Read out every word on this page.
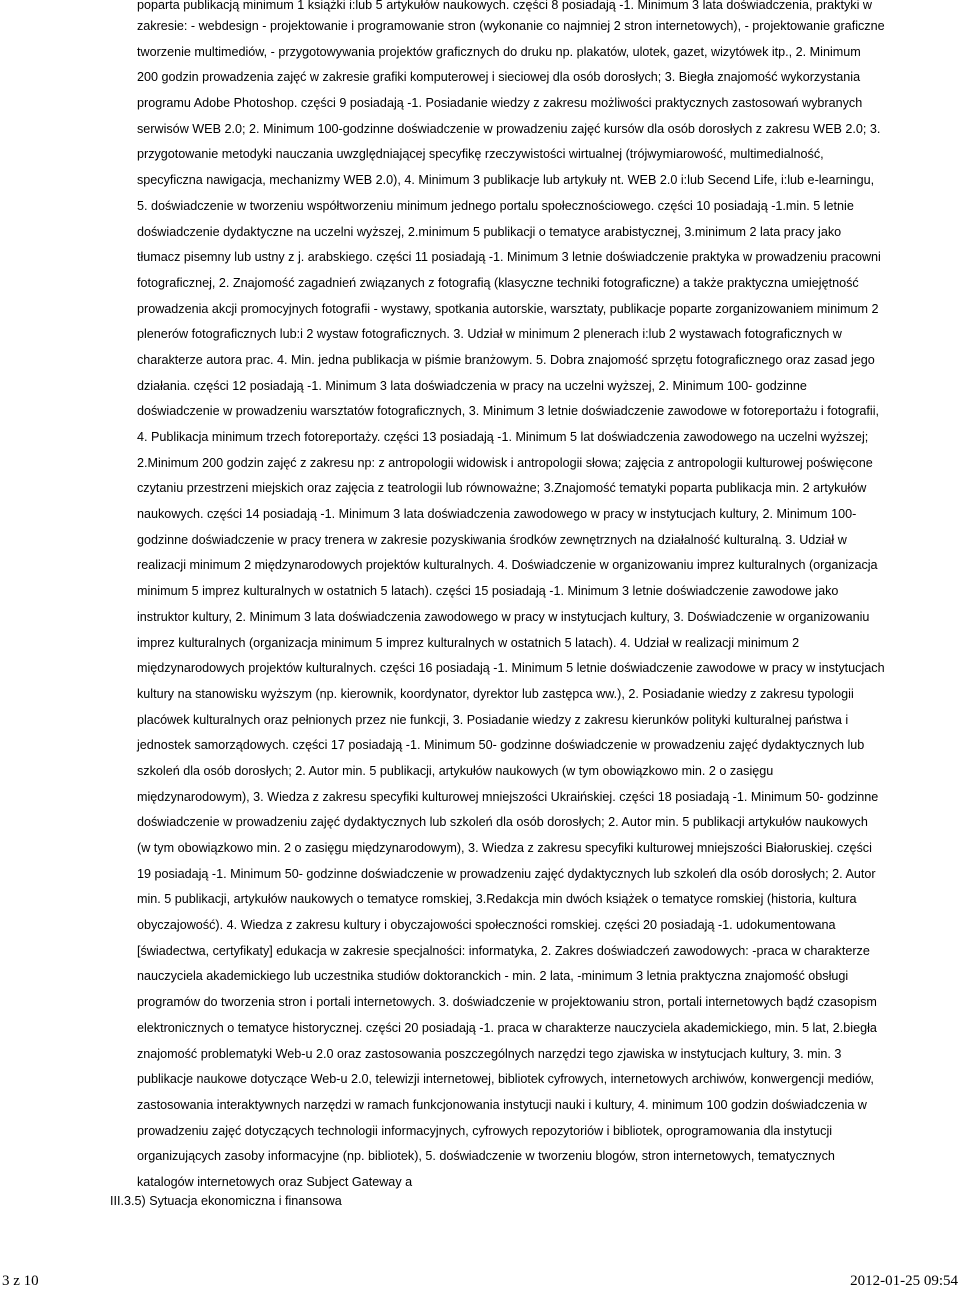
poparta publikacją minimum 1 książki i:lub 5 artykułów naukowych. części 8 posiadają -1. Minimum 3 lata doświadczenia, praktyki w

zakresie: - webdesign - projektowanie i programowanie stron (wykonanie co najmniej 2 stron internetowych), - projektowanie graficzne

tworzenie multimediów, - przygotowywania projektów graficznych do druku np. plakatów, ulotek, gazet, wizytówek itp., 2. Minimum

200 godzin prowadzenia zajęć w zakresie grafiki komputerowej i sieciowej dla osób dorosłych; 3. Biegła znajomość wykorzystania

programu Adobe Photoshop. części 9 posiadają -1. Posiadanie wiedzy z zakresu możliwości praktycznych zastosowań wybranych

serwisów WEB 2.0; 2. Minimum 100-godzinne doświadczenie w prowadzeniu zajęć kursów dla osób dorosłych z zakresu WEB 2.0; 3.

przygotowanie metodyki nauczania uwzględniającej specyfikę rzeczywistości wirtualnej (trójwymiarowość, multimedialność,

specyficzna nawigacja, mechanizmy WEB 2.0), 4. Minimum 3 publikacje lub artykuły nt. WEB 2.0 i:lub Secend Life, i:lub e-learningu,

5. doświadczenie w tworzeniu współtworzeniu minimum jednego portalu społecznościowego. części 10 posiadają -1.min. 5 letnie

doświadczenie dydaktyczne na uczelni wyższej, 2.minimum 5 publikacji o tematyce arabistycznej, 3.minimum 2 lata pracy jako

tłumacz pisemny lub ustny z j. arabskiego. części 11 posiadają -1. Minimum 3 letnie doświadczenie praktyka w prowadzeniu pracowni

fotograficznej, 2. Znajomość zagadnień związanych z fotografią (klasyczne techniki fotograficzne) a także praktyczna umiejętność

prowadzenia akcji promocyjnych fotografii - wystawy, spotkania autorskie, warsztaty, publikacje poparte zorganizowaniem minimum 2

plenerów fotograficznych lub:i 2 wystaw fotograficznych. 3. Udział w minimum 2 plenerach i:lub 2 wystawach fotograficznych w

charakterze autora prac. 4. Min. jedna publikacja w piśmie branżowym. 5. Dobra znajomość sprzętu fotograficznego oraz zasad jego

działania. części 12 posiadają -1. Minimum 3 lata doświadczenia w pracy na uczelni wyższej, 2. Minimum 100- godzinne

doświadczenie w prowadzeniu warsztatów fotograficznych, 3. Minimum 3 letnie doświadczenie zawodowe w fotoreportażu i fotografii,

4. Publikacja minimum trzech fotoreportaży. części 13 posiadają -1. Minimum 5 lat doświadczenia zawodowego na uczelni wyższej;

2.Minimum 200 godzin zajęć z zakresu np: z antropologii widowisk i antropologii słowa; zajęcia z antropologii kulturowej poświęcone

czytaniu przestrzeni miejskich oraz zajęcia z teatrologii lub równoważne; 3.Znajomość tematyki poparta publikacja min. 2 artykułów

naukowych. części 14 posiadają -1. Minimum 3 lata doświadczenia zawodowego w pracy w instytucjach kultury, 2. Minimum 100-

godzinne doświadczenie w pracy trenera w zakresie pozyskiwania środków zewnętrznych na działalność kulturalną. 3. Udział w

realizacji minimum 2 międzynarodowych projektów kulturalnych. 4. Doświadczenie w organizowaniu imprez kulturalnych (organizacja

minimum 5 imprez kulturalnych w ostatnich 5 latach). części 15 posiadają -1. Minimum 3 letnie doświadczenie zawodowe jako

instruktor kultury, 2. Minimum 3 lata doświadczenia zawodowego w pracy w instytucjach kultury, 3. Doświadczenie w organizowaniu

imprez kulturalnych (organizacja minimum 5 imprez kulturalnych w ostatnich 5 latach). 4. Udział w realizacji minimum 2

międzynarodowych projektów kulturalnych. części 16 posiadają -1. Minimum 5 letnie doświadczenie zawodowe w pracy w instytucjach

kultury na stanowisku wyższym (np. kierownik, koordynator, dyrektor lub zastępca ww.), 2. Posiadanie wiedzy z zakresu typologii

placówek kulturalnych oraz pełnionych przez nie funkcji, 3. Posiadanie wiedzy z zakresu kierunków polityki kulturalnej państwa i

jednostek samorządowych. części 17 posiadają -1. Minimum 50- godzinne doświadczenie w prowadzeniu zajęć dydaktycznych lub

szkoleń dla osób dorosłych; 2. Autor min. 5 publikacji, artykułów naukowych (w tym obowiązkowo min. 2 o zasięgu

międzynarodowym), 3. Wiedza z zakresu specyfiki kulturowej mniejszości Ukraińskiej. części 18 posiadają -1. Minimum 50- godzinne

doświadczenie w prowadzeniu zajęć dydaktycznych lub szkoleń dla osób dorosłych; 2. Autor min. 5 publikacji artykułów naukowych

(w tym obowiązkowo min. 2 o zasięgu międzynarodowym), 3. Wiedza z zakresu specyfiki kulturowej mniejszości Białoruskiej. części

19 posiadają -1. Minimum 50- godzinne doświadczenie w prowadzeniu zajęć dydaktycznych lub szkoleń dla osób dorosłych; 2. Autor

min. 5 publikacji, artykułów naukowych o tematyce romskiej, 3.Redakcja min dwóch książek o tematyce romskiej (historia, kultura

obyczajowość). 4. Wiedza z zakresu kultury i obyczajowości społeczności romskiej. części 20 posiadają -1. udokumentowana

[świadectwa, certyfikaty] edukacja w zakresie specjalności: informatyka, 2. Zakres doświadczeń zawodowych: -praca w charakterze

nauczyciela akademickiego lub uczestnika studiów doktoranckich - min. 2 lata, -minimum 3 letnia praktyczna znajomość obsługi

programów do tworzenia stron i portali internetowych. 3. doświadczenie w projektowaniu stron, portali internetowych bądź czasopism

elektronicznych o tematyce historycznej. części 20 posiadają -1. praca w charakterze nauczyciela akademickiego, min. 5 lat, 2.biegła

znajomość problematyki Web-u 2.0 oraz zastosowania poszczególnych narzędzi tego zjawiska w instytucjach kultury, 3. min. 3

publikacje naukowe dotyczące Web-u 2.0, telewizji internetowej, bibliotek cyfrowych, internetowych archiwów, konwergencji mediów,

zastosowania interaktywnych narzędzi w ramach funkcjonowania instytucji nauki i kultury, 4. minimum 100 godzin doświadczenia w

prowadzeniu zajęć dotyczących technologii informacyjnych, cyfrowych repozytoriów i bibliotek, oprogramowania dla instytucji

organizujących zasoby informacyjne (np. bibliotek), 5. doświadczenie w tworzeniu blogów, stron internetowych, tematycznych

katalogów internetowych oraz Subject Gateway a

III.3.5) Sytuacja ekonomiczna i finansowa
3 z 10	2012-01-25 09:54
